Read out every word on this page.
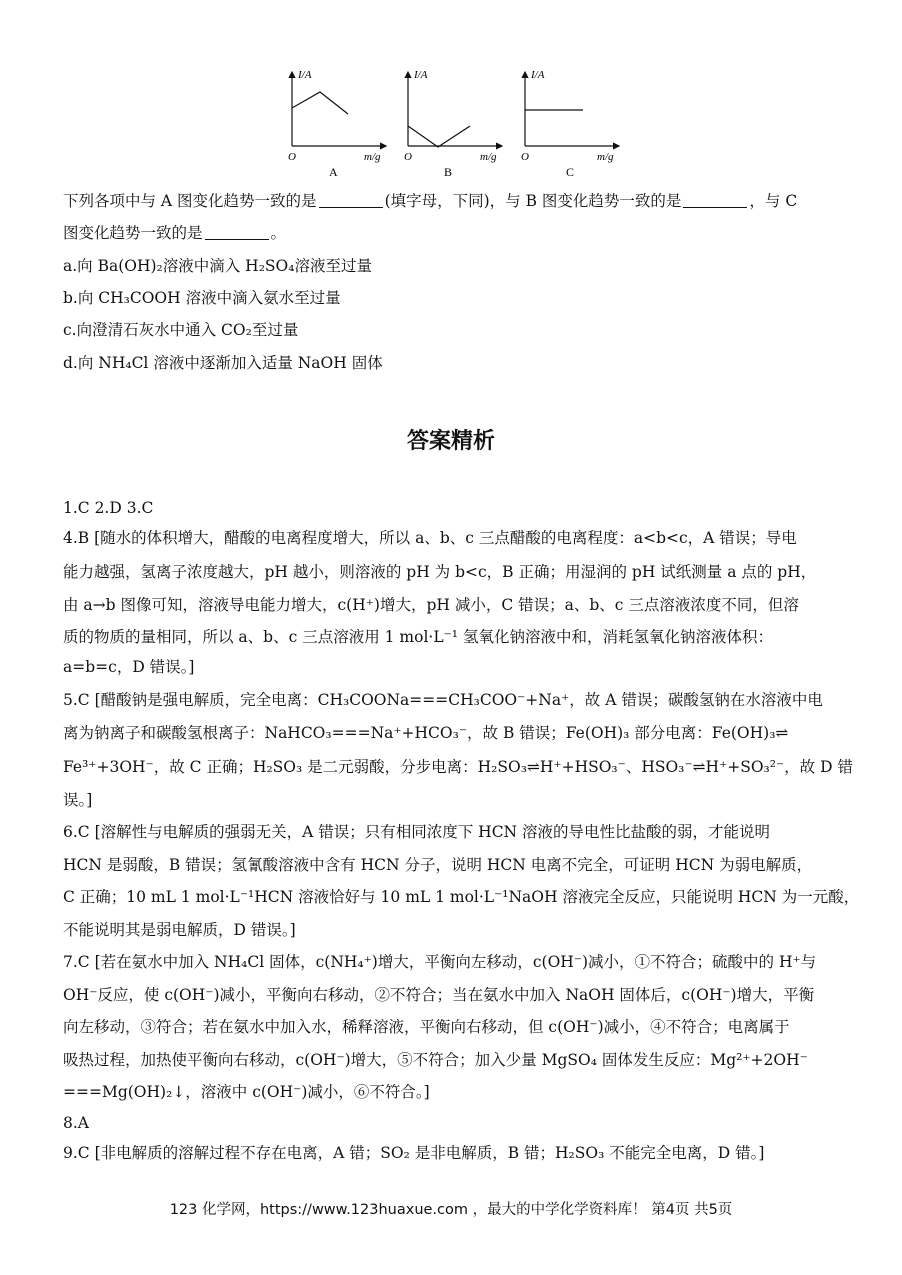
I/A
O	m/g
A
I/A
O	m/g
B
I/A
O	m/g
C
下列各项中与 A 图变化趋势一致的是	(填字母，下同)，与 B 图变化趋势一致的是	，与 C
图变化趋势一致的是	。
a.向 Ba(OH)₂溶液中滴入 H₂SO₄溶液至过量
b.向 CH₃COOH 溶液中滴入氨水至过量
c.向澄清石灰水中通入 CO₂至过量
d.向 NH₄Cl 溶液中逐渐加入适量 NaOH 固体
答案精析
1.C 2.D 3.C
4.B [随水的体积增大，醋酸的电离程度增大，所以 a、b、c 三点醋酸的电离程度：a<b<c，A 错误；导电
能力越强，氢离子浓度越大，pH 越小，则溶液的 pH 为 b<c，B 正确；用湿润的 pH 试纸测量 a 点的 pH，
由 a→b 图像可知，溶液导电能力增大，c(H⁺)增大，pH 减小，C 错误；a、b、c 三点溶液浓度不同，但溶
质的物质的量相同，所以 a、b、c 三点溶液用 1 mol·L⁻¹ 氢氧化钠溶液中和，消耗氢氧化钠溶液体积：
a=b=c，D 错误。]
5.C [醋酸钠是强电解质，完全电离：CH₃COONa===CH₃COO⁻+Na⁺，故 A 错误；碳酸氢钠在水溶液中电
离为钠离子和碳酸氢根离子：NaHCO₃===Na⁺+HCO₃⁻，故 B 错误；Fe(OH)₃ 部分电离：Fe(OH)₃⇌
Fe³⁺+3OH⁻，故 C 正确；H₂SO₃ 是二元弱酸，分步电离：H₂SO₃⇌H⁺+HSO₃⁻、HSO₃⁻⇌H⁺+SO₃²⁻，故 D 错
误。]
6.C [溶解性与电解质的强弱无关，A 错误；只有相同浓度下 HCN 溶液的导电性比盐酸的弱，才能说明
HCN 是弱酸，B 错误；氢氰酸溶液中含有 HCN 分子，说明 HCN 电离不完全，可证明 HCN 为弱电解质，
C 正确；10 mL 1 mol·L⁻¹HCN 溶液恰好与 10 mL 1 mol·L⁻¹NaOH 溶液完全反应，只能说明 HCN 为一元酸，
不能说明其是弱电解质，D 错误。]
7.C [若在氨水中加入 NH₄Cl 固体，c(NH₄⁺)增大，平衡向左移动，c(OH⁻)减小，①不符合；硫酸中的 H⁺与
OH⁻反应，使 c(OH⁻)减小，平衡向右移动，②不符合；当在氨水中加入 NaOH 固体后，c(OH⁻)增大，平衡
向左移动，③符合；若在氨水中加入水，稀释溶液，平衡向右移动，但 c(OH⁻)减小，④不符合；电离属于
吸热过程，加热使平衡向右移动，c(OH⁻)增大，⑤不符合；加入少量 MgSO₄ 固体发生反应：Mg²⁺+2OH⁻
===Mg(OH)₂↓，溶液中 c(OH⁻)减小，⑥不符合。]
8.A
9.C [非电解质的溶解过程不存在电离，A 错；SO₂ 是非电解质，B 错；H₂SO₃ 不能完全电离，D 错。]
123 化学网，https://www.123huaxue.com ，最大的中学化学资料库！ 第4页 共5页
